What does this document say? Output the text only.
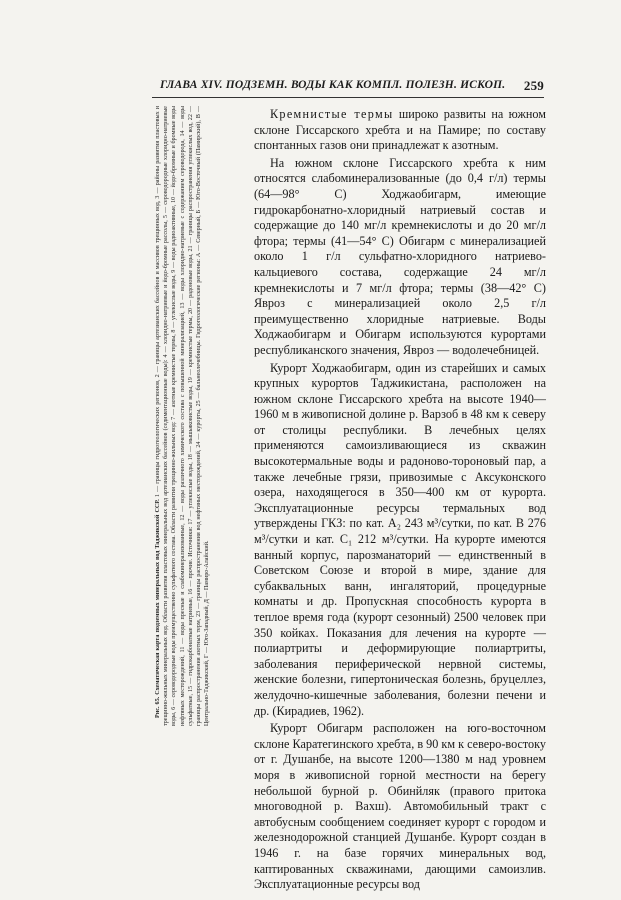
ГЛАВА XIV. ПОДЗЕМН. ВОДЫ КАК КОМПЛ. ПОЛЕЗН. ИСКОП. 259

Рис. 65. Схематическая карта подземных минеральных вод Таджикской ССР. 1 — границы гидрогеологических регионов, 2 — границы артезианских бассейнов и массивов трещинных вод, 3 — районы развития пластовых и трещинно-жильных минеральных вод. Области развития пластовых минеральных вод артезианских бассейнов (седиментационные воды): 4 — хлоридно-натриевые и йодо-бромные рассолы, 5 — сероводородные хлоридно-натриевые воды, 6 — сероводородные воды преимущественно сульфатного состава. Области развития трещинно-жильных вод: 7 — азотные кремнистые термы, 8 — углекислые воды, 9 — воды радиоактивные, 10 — йодо-бромные и бромные воды нефтяных месторождений, 11 — воды пресные и слабоминерализованные, 12 — воды различного химического состава с повышенной минерализацией, 13 — воды хлоридно-натриевые с содержанием сероводорода, 14 — воды сульфатные, 15 — гидрокарбонатные натриевые, 16 — прочие. Источники: 17 — углекислые воды, 18 — мышьяковистые воды, 19 — кремнистые термы, 20 — радоновые воды, 21 — границы распространения углекислых вод, 22 — границы распространения азотных терм, 23 — границы распространения вод нефтяных месторождений, 24 — курорты, 25 — бальнеолечебницы. Гидрогеологические регионы: А — Северный, Б — Юго-Восточный (Памирский), В — Центрально-Таджикский, Г — Юго-Западный, Д — Памиро-Алайский.

Кремнистые термы широко развиты на южном склоне Гиссарского хребта и на Памире; по составу спонтанных газов они принадлежат к азотным.

На южном склоне Гиссарского хребта к ним относятся слабоминерализованные (до 0,4 г/л) термы (64—98° С) Ходжаобигарм, имеющие гидрокарбонатно-хлоридный натриевый состав и содержащие до 140 мг/л кремнекислоты и до 20 мг/л фтора; термы (41—54° С) Обигарм с минерализацией около 1 г/л сульфатно-хлоридного натриево-кальциевого состава, содержащие 24 мг/л кремнекислоты и 7 мг/л фтора; термы (38—42° С) Явроз с минерализацией около 2,5 г/л преимущественно хлоридные натриевые. Воды Ходжаобигарм и Обигарм используются курортами республиканского значения, Явроз — водолечебницей.

Курорт Ходжаобигарм, один из старейших и самых крупных курортов Таджикистана, расположен на южном склоне Гиссарского хребта на высоте 1940—1960 м в живописной долине р. Варзоб в 48 км к северу от столицы республики. В лечебных целях применяются самоизливающиеся из скважин высокотермальные воды и радоново-тороновый пар, а также лечебные грязи, привозимые с Аксуконского озера, находящегося в 350—400 км от курорта. Эксплуатационные ресурсы термальных вод утверждены ГКЗ: по кат. A₂ 243 м³/сутки, по кат. B 276 м³/сутки и кат. C₁ 212 м³/сутки. На курорте имеются ванный корпус, парозманаторий — единственный в Советском Союзе и второй в мире, здание для субаквальных ванн, ингаляторий, процедурные комнаты и др. Пропускная способность курорта в теплое время года (курорт сезонный) 2500 человек при 350 койках. Показания для лечения на курорте — полиартриты и деформирующие полиартриты, заболевания периферической нервной системы, женские болезни, гипертоническая болезнь, бруцеллез, желудочно-кишечные заболевания, болезни печени и др. (Кирадиев, 1962).

Курорт Обигарм расположен на юго-восточном склоне Каратегинского хребта, в 90 км к северо-востоку от г. Душанбе, на высоте 1200—1380 м над уровнем моря в живописной горной местности на берегу небольшой бурной р. Обинйляк (правого притока многоводной р. Вахш). Автомобильный тракт с автобусным сообщением соединяет курорт с городом и железнодорожной станцией Душанбе. Курорт создан в 1946 г. на базе горячих минеральных вод, каптированных скважинами, дающими самоизлив. Эксплуатационные ресурсы вод
